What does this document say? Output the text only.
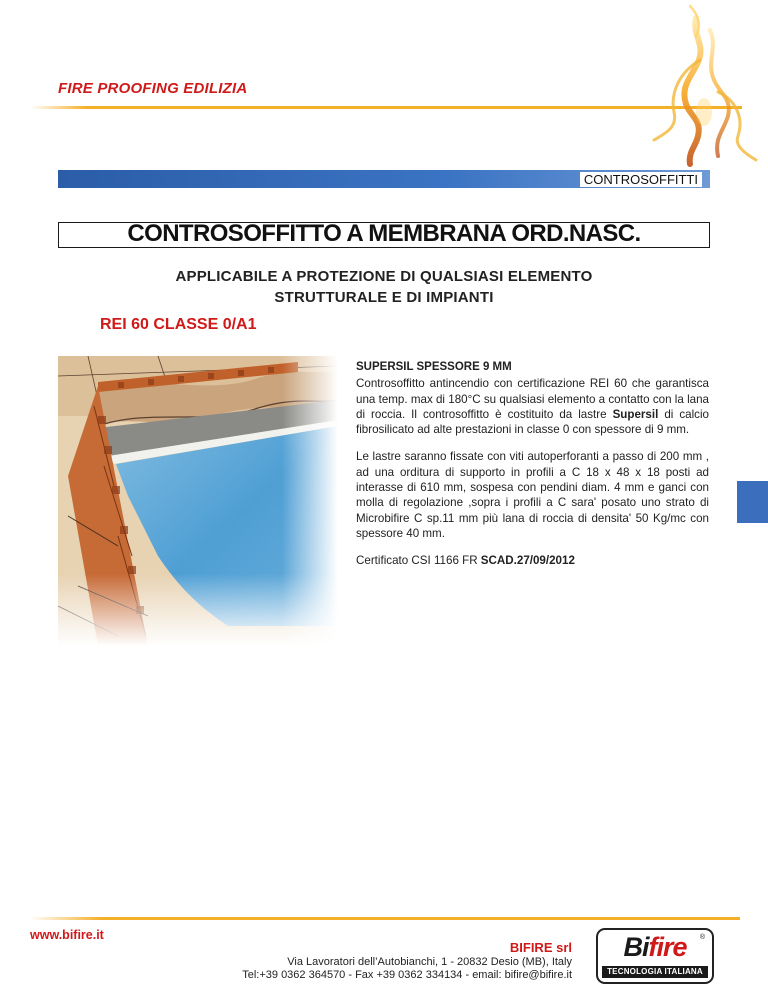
FIRE PROOFING EDILIZIA
CONTROSOFFITTI
CONTROSOFFITTO A MEMBRANA ORD.NASC.
APPLICABILE A PROTEZIONE DI QUALSIASI ELEMENTO
STRUTTURALE E DI IMPIANTI
REI 60 CLASSE 0/A1
SUPERSIL SPESSORE 9 MM

Controsoffitto antincendio con certificazione REI 60 che garantisca una temp. max di 180°C su qualsiasi elemento a contatto con la lana di roccia. Il controsoffitto è costituito da lastre Supersil di calcio fibrosilicato ad alte prestazioni in classe 0 con spessore di 9 mm.

Le lastre saranno fissate con viti autoperforanti a passo di 200 mm , ad una orditura di supporto in profili a C 18 x 48 x 18 posti ad interasse di 610 mm, sospesa con pendini diam. 4 mm e ganci con molla di regolazione ,sopra i profili a C sara' posato uno strato di Microbifire C sp.11 mm più lana di roccia di densita' 50 Kg/mc con spessore 40 mm.

Certificato CSI 1166 FR SCAD.27/09/2012

www.bifire.it
BIFIRE srl
Via Lavoratori dell’Autobianchi, 1 - 20832 Desio (MB), Italy
Tel:+39 0362 364570 - Fax +39 0362 334134 - email: bifire@bifire.it
Bifire	®
TECNOLOGIA ITALIANA
